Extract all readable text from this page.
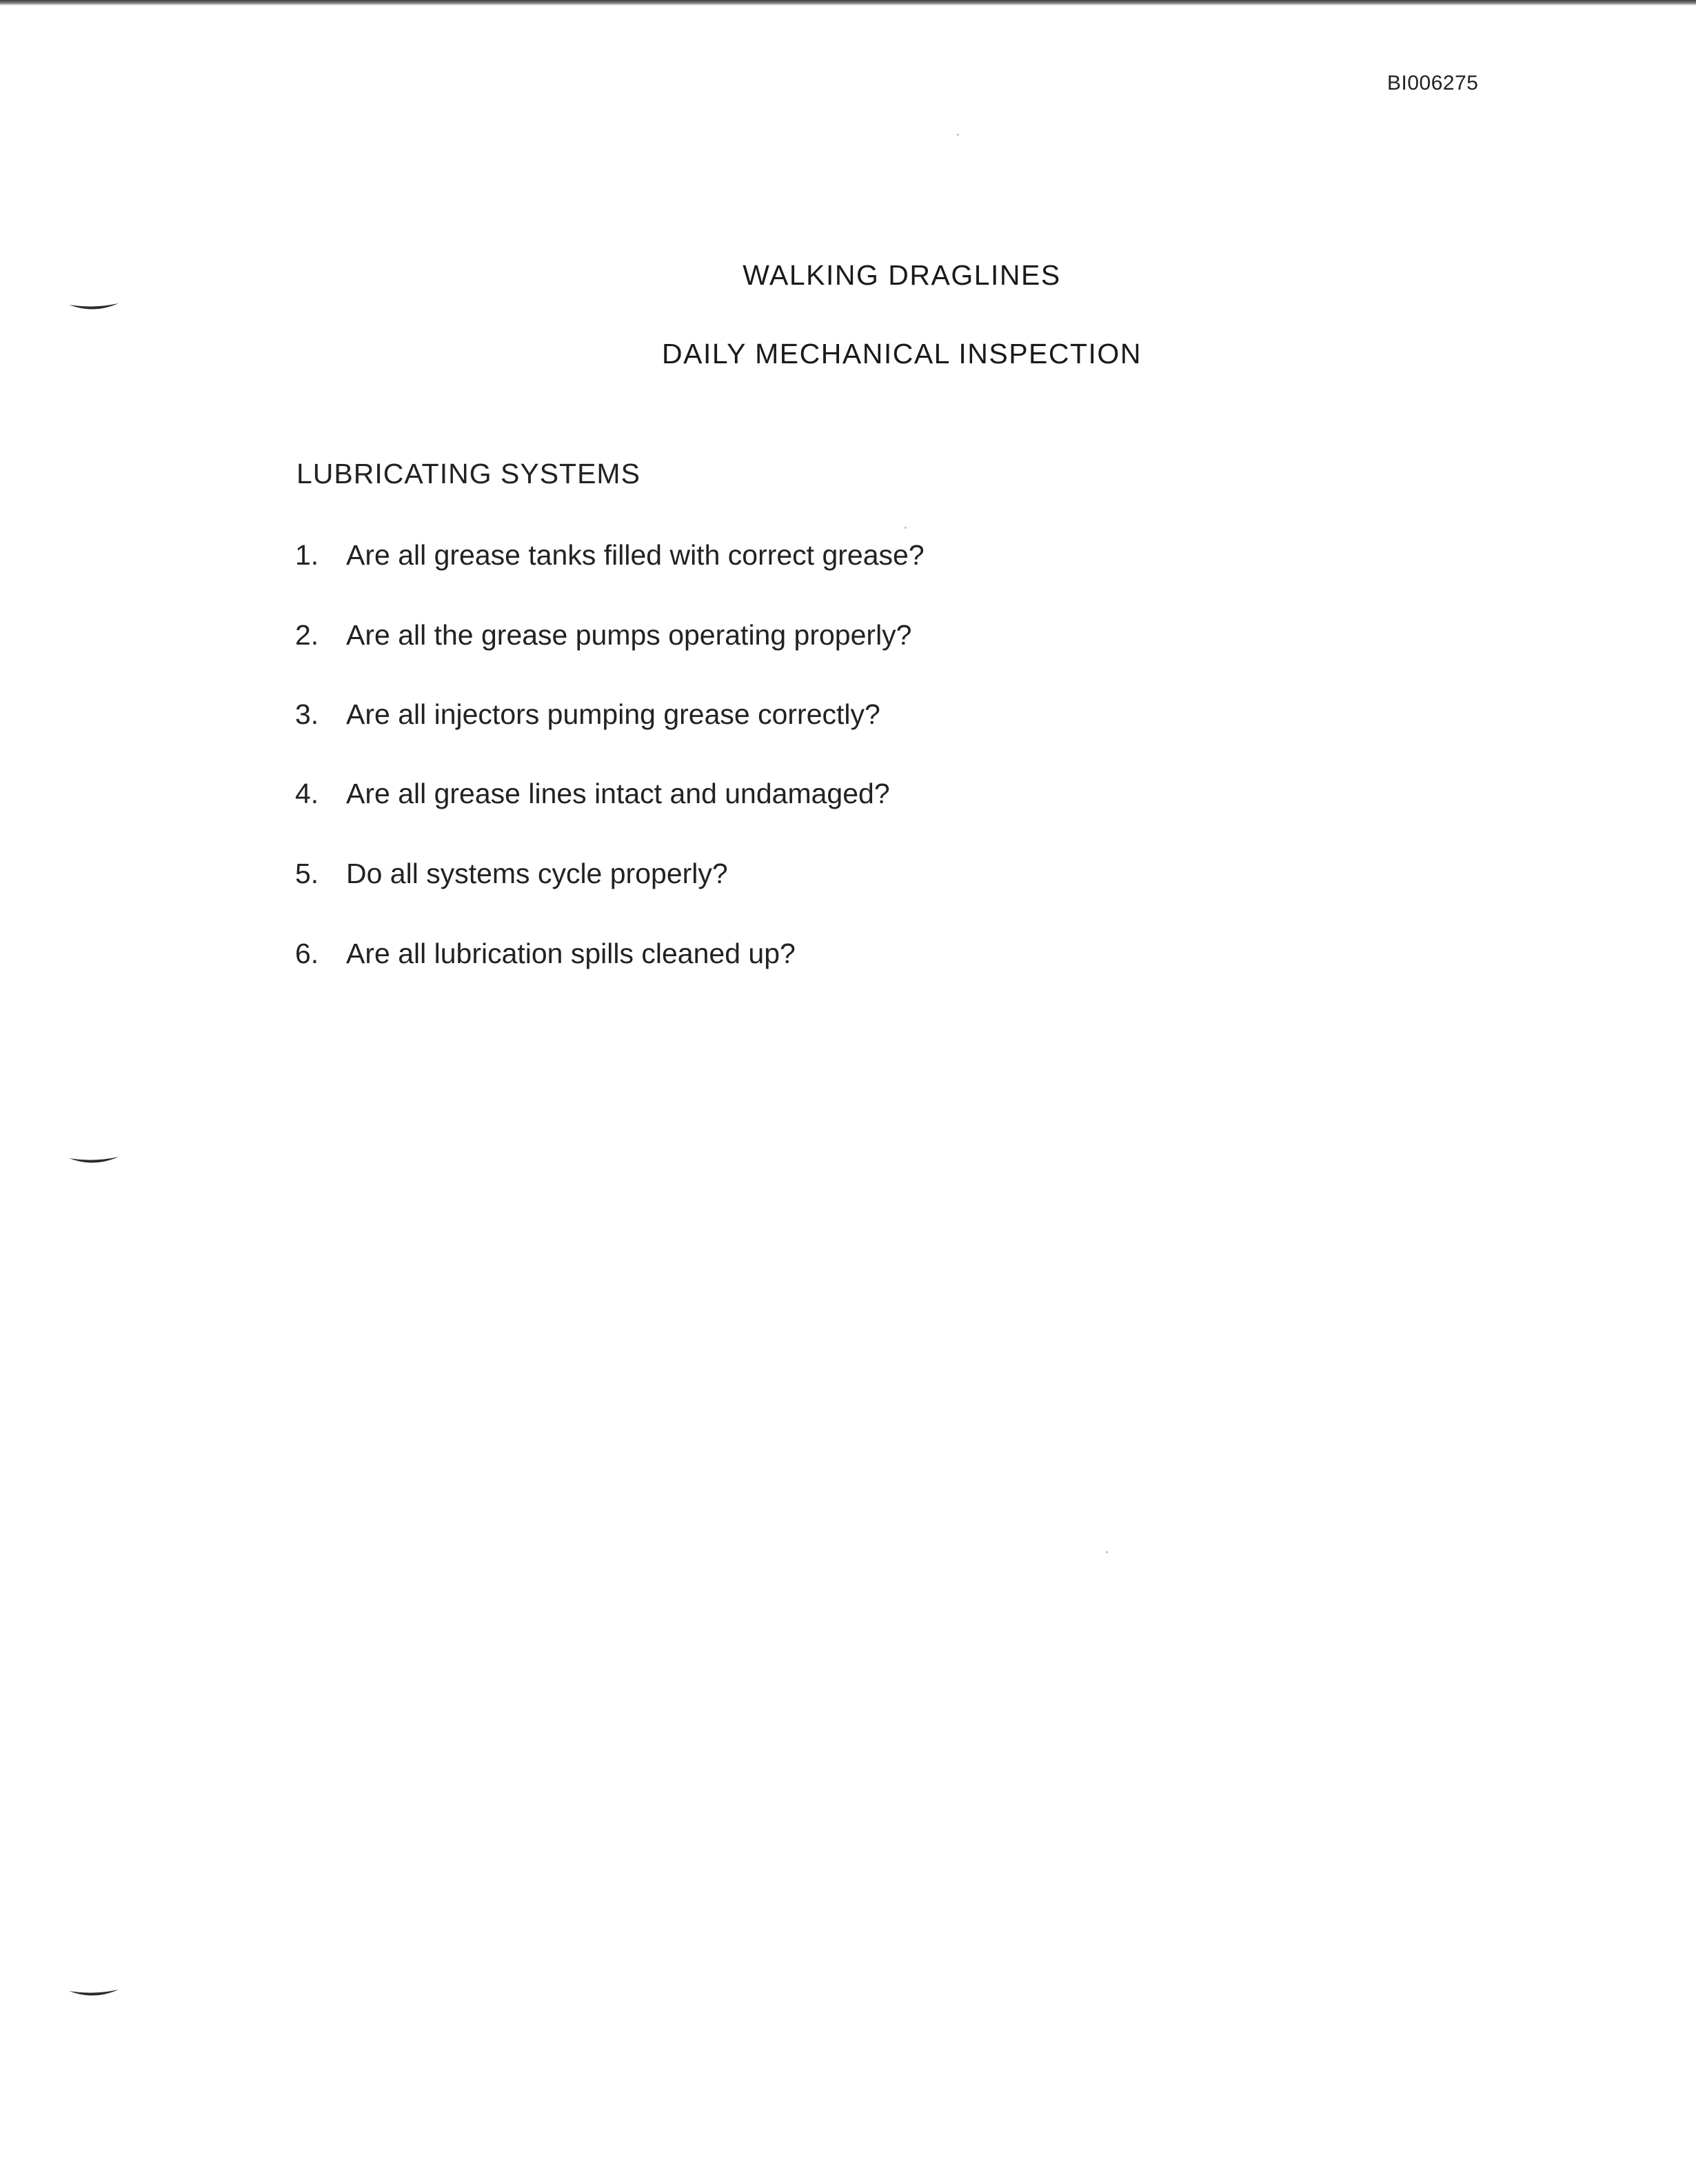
BI006275
WALKING DRAGLINES
DAILY MECHANICAL INSPECTION
LUBRICATING SYSTEMS
1. Are all grease tanks filled with correct grease?
2. Are all the grease pumps operating properly?
3. Are all injectors pumping grease correctly?
4. Are all grease lines intact and undamaged?
5. Do all systems cycle properly?
6. Are all lubrication spills cleaned up?
